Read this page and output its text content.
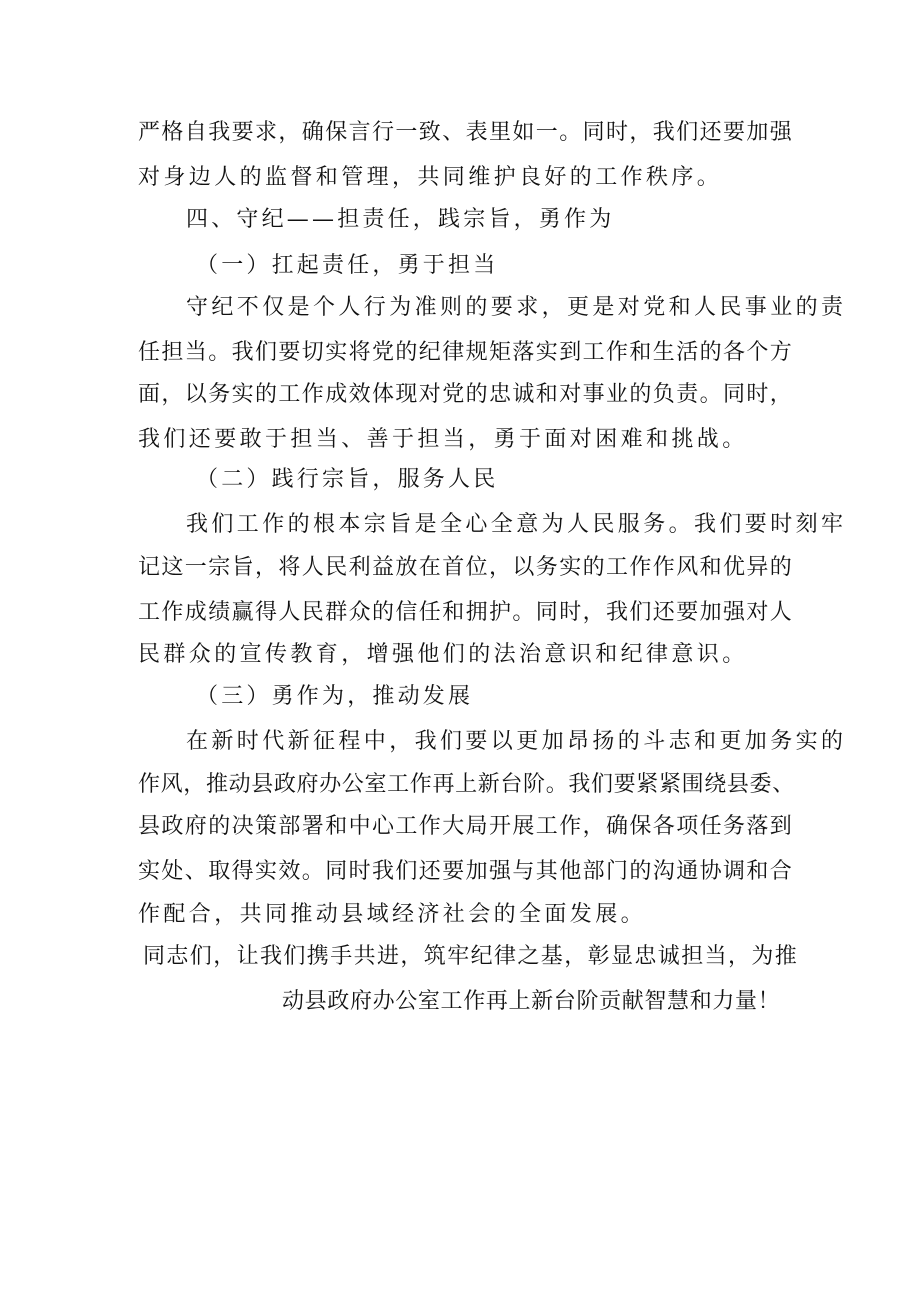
严格自我要求，确保言行一致、表里如一。同时，我们还要加强
对身边人的监督和管理，共同维护良好的工作秩序。
四、守纪——担责任，践宗旨，勇作为
（一）扛起责任，勇于担当
守纪不仅是个人行为准则的要求，更是对党和人民事业的责
任担当。我们要切实将党的纪律规矩落实到工作和生活的各个方
面，以务实的工作成效体现对党的忠诚和对事业的负责。同时，
我们还要敢于担当、善于担当，勇于面对困难和挑战。
（二）践行宗旨，服务人民
我们工作的根本宗旨是全心全意为人民服务。我们要时刻牢
记这一宗旨，将人民利益放在首位，以务实的工作作风和优异的
工作成绩赢得人民群众的信任和拥护。同时，我们还要加强对人
民群众的宣传教育，增强他们的法治意识和纪律意识。
（三）勇作为，推动发展
在新时代新征程中，我们要以更加昂扬的斗志和更加务实的
作风，推动县政府办公室工作再上新台阶。我们要紧紧围绕县委、
县政府的决策部署和中心工作大局开展工作，确保各项任务落到
实处、取得实效。同时我们还要加强与其他部门的沟通协调和合
作配合，共同推动县域经济社会的全面发展。
同志们，让我们携手共进，筑牢纪律之基，彰显忠诚担当，为推
动县政府办公室工作再上新台阶贡献智慧和力量！
